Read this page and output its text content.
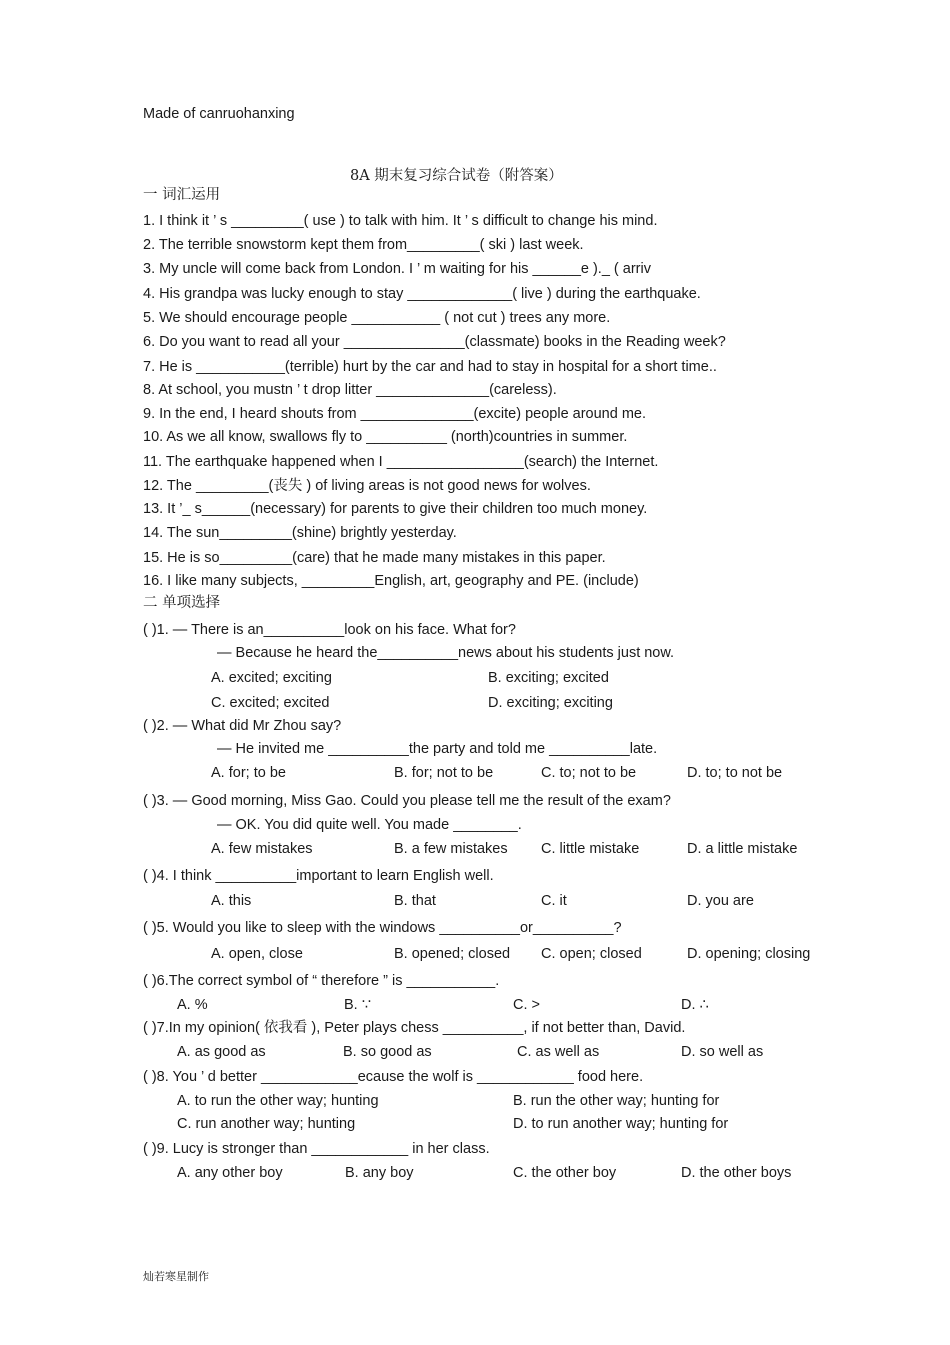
Made of canruohanxing
8A 期末复习综合试卷（附答案）
一 词汇运用
1. I think it ’ s _________( use ) to talk with him. It ’ s difficult to change his mind.
2. The terrible snowstorm kept them from_________( ski ) last week.
3. My uncle will come back from London. I ’ m waiting for his ______e )._ ( arriv
4. His grandpa was lucky enough to stay _____________( live ) during the earthquake.
5. We should encourage people ___________ ( not cut ) trees any more.
6. Do you want to read all your _______________(classmate) books in the Reading week?
7. He is ___________(terrible) hurt by the car and had to stay in hospital for a short time..
8. At school, you mustn ’ t drop litter ______________(careless).
9. In the end, I heard shouts from ______________(excite) people around me.
10. As we all know, swallows fly to __________ (north)countries in summer.
11. The earthquake happened when I _________________(search) the Internet.
12. The _________(丧失 ) of living areas is not good news for wolves.
13. It ’_ s______(necessary) for parents to give their children too much money.
14. The sun_________(shine) brightly yesterday.
15. He is so_________(care) that he made many mistakes in this paper.
16. I like many subjects, _________English, art, geography and PE. (include)
二 单项选择
( )1. — There is an__________look on his face. What for?
— Because he heard the__________news about his students just now.
A. excited; exciting	B. exciting; excited
C. excited; excited	D. exciting; exciting
( )2. — What did Mr Zhou say?
— He invited me __________the party and told me __________late.
A. for; to be	B. for; not to be	C. to; not to be	D. to; to not be
( )3. — Good morning, Miss Gao. Could you please tell me the result of the exam?
— OK. You did quite well. You made ________.
A. few mistakes	B. a few mistakes C. little mistake	D. a little mistake
( )4. I think __________important to learn English well.
A. this	B. that	C. it	D. you are
( )5. Would you like to sleep with the windows __________or__________?
A. open, close	B. opened; closed C. open; closed	D. opening; closing
( )6.The correct symbol of “ therefore ” is ___________.
A. %	B. ∵	C. >	D. ∴
( )7.In my opinion( 依我看 ), Peter plays chess __________, if not better than, David.
A. as good as	B. so good as	C. as well as	D. so well as
( )8. You ’ d better ____________ecause the wolf is ____________ food here.
A. to run the other way; hunting	B. run the other way; hunting for
C. run another way; hunting	D. to run another way; hunting for
( )9. Lucy is stronger than ____________ in her class.
A. any other boy	B. any boy	C. the other boy	D. the other boys
灿若寒星制作
